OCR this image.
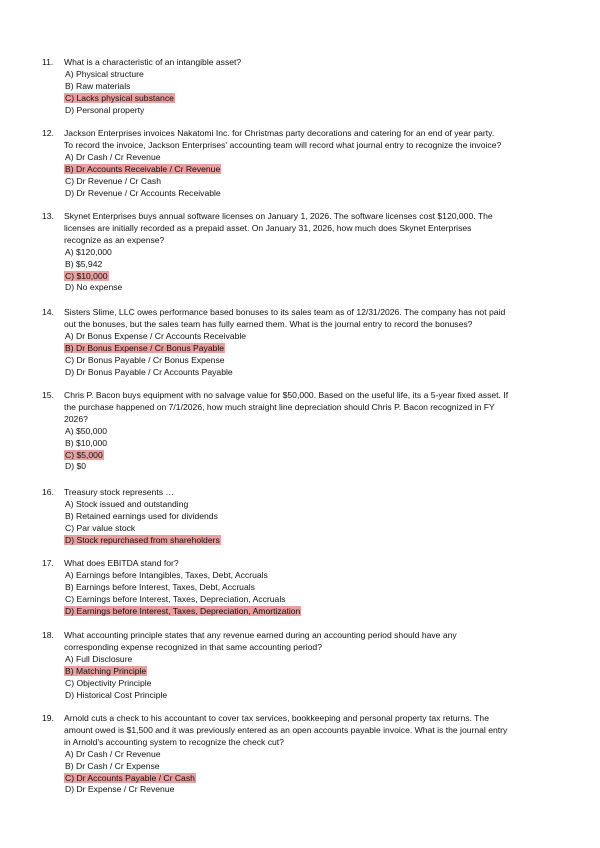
11.	What is a characteristic of an intangible asset?
A) Physical structure
B) Raw materials
C) Lacks physical substance
D) Personal property
12.	Jackson Enterprises invoices Nakatomi Inc. for Christmas party decorations and catering for an end of year party.
To record the invoice, Jackson Enterprises' accounting team will record what journal entry to recognize the invoice?
A) Dr Cash / Cr Revenue
B) Dr Accounts Receivable / Cr Revenue
C) Dr Revenue / Cr Cash
D) Dr Revenue / Cr Accounts Receivable
13.	Skynet Enterprises buys annual software licenses on January 1, 2026. The software licenses cost $120,000. The
licenses are initially recorded as a prepaid asset. On January 31, 2026, how much does Skynet Enterprises
recognize as an expense?
A) $120,000
B) $5,942
C) $10,000
D) No expense
14.	Sisters Slime, LLC owes performance based bonuses to its sales team as of 12/31/2026. The company has not paid
out the bonuses, but the sales team has fully earned them. What is the journal entry to record the bonuses?
A) Dr Bonus Expense / Cr Accounts Receivable
B) Dr Bonus Expense / Cr Bonus Payable
C) Dr Bonus Payable / Cr Bonus Expense
D) Dr Bonus Payable / Cr Accounts Payable
15.	Chris P. Bacon buys equipment with no salvage value for $50,000. Based on the useful life, its a 5-year fixed asset. If
the purchase happened on 7/1/2026, how much straight line depreciation should Chris P. Bacon recognized in FY
2026?
A) $50,000
B) $10,000
C) $5,000
D) $0
16.	Treasury stock represents …
A) Stock issued and outstanding
B) Retained earnings used for dividends
C) Par value stock
D) Stock repurchased from shareholders
17.	What does EBITDA stand for?
A) Earnings before Intangibles, Taxes, Debt, Accruals
B) Earnings before Interest, Taxes, Debt, Accruals
C) Earnings before Interest, Taxes, Depreciation, Accruals
D) Earnings before Interest, Taxes, Depreciation, Amortization
18.	What accounting principle states that any revenue earned during an accounting period should have any
corresponding expense recognized in that same accounting period?
A) Full Disclosure
B) Matching Principle
C) Objectivity Principle
D) Historical Cost Principle
19.	Arnold cuts a check to his accountant to cover tax services, bookkeeping and personal property tax returns. The
amount owed is $1,500 and it was previously entered as an open accounts payable invoice. What is the journal entry
in Arnold's accounting system to recognize the check cut?
A) Dr Cash / Cr Revenue
B) Dr Cash / Cr Expense
C) Dr Accounts Payable / Cr Cash
D) Dr Expense / Cr Revenue
